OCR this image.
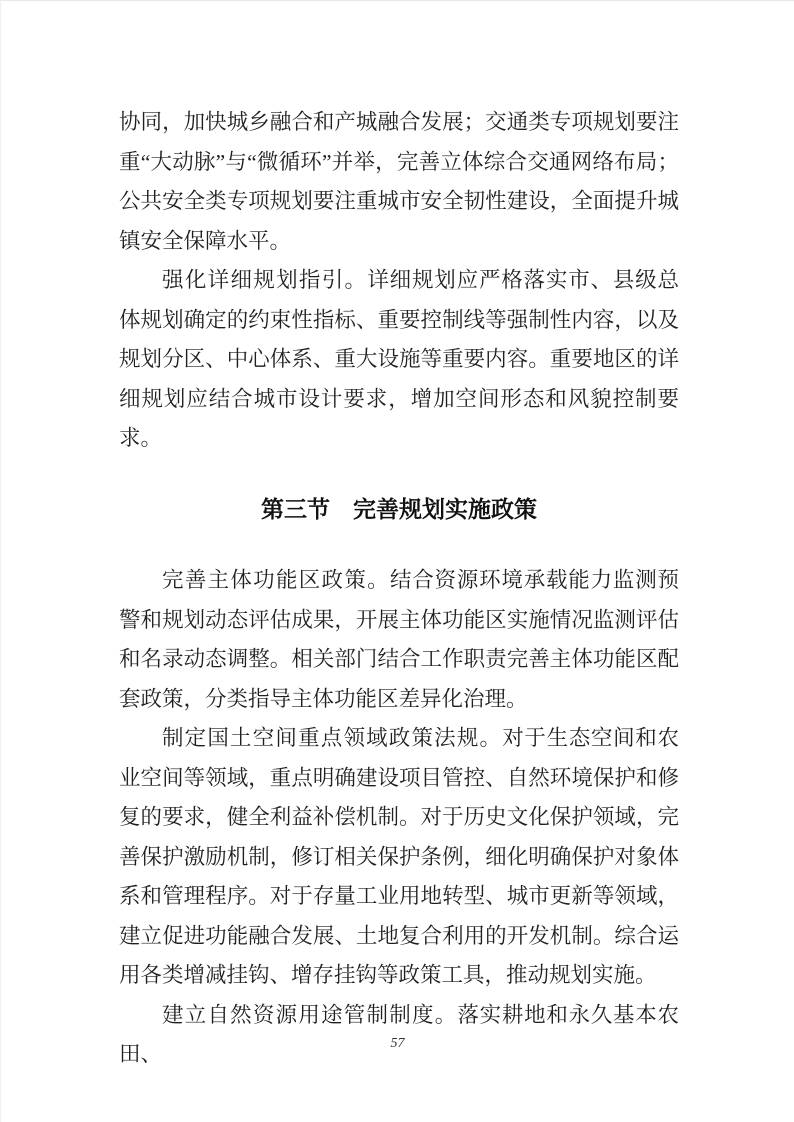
协同，加快城乡融合和产城融合发展；交通类专项规划要注重“大动脉”与“微循环”并举，完善立体综合交通网络布局；公共安全类专项规划要注重城市安全韧性建设，全面提升城镇安全保障水平。

强化详细规划指引。详细规划应严格落实市、县级总体规划确定的约束性指标、重要控制线等强制性内容，以及规划分区、中心体系、重大设施等重要内容。重要地区的详细规划应结合城市设计要求，增加空间形态和风貌控制要求。

第三节　完善规划实施政策

完善主体功能区政策。结合资源环境承载能力监测预警和规划动态评估成果，开展主体功能区实施情况监测评估和名录动态调整。相关部门结合工作职责完善主体功能区配套政策，分类指导主体功能区差异化治理。

制定国土空间重点领域政策法规。对于生态空间和农业空间等领域，重点明确建设项目管控、自然环境保护和修复的要求，健全利益补偿机制。对于历史文化保护领域，完善保护激励机制，修订相关保护条例，细化明确保护对象体系和管理程序。对于存量工业用地转型、城市更新等领域，建立促进功能融合发展、土地复合利用的开发机制。综合运用各类增减挂钩、增存挂钩等政策工具，推动规划实施。

建立自然资源用途管制制度。落实耕地和永久基本农田、	57
